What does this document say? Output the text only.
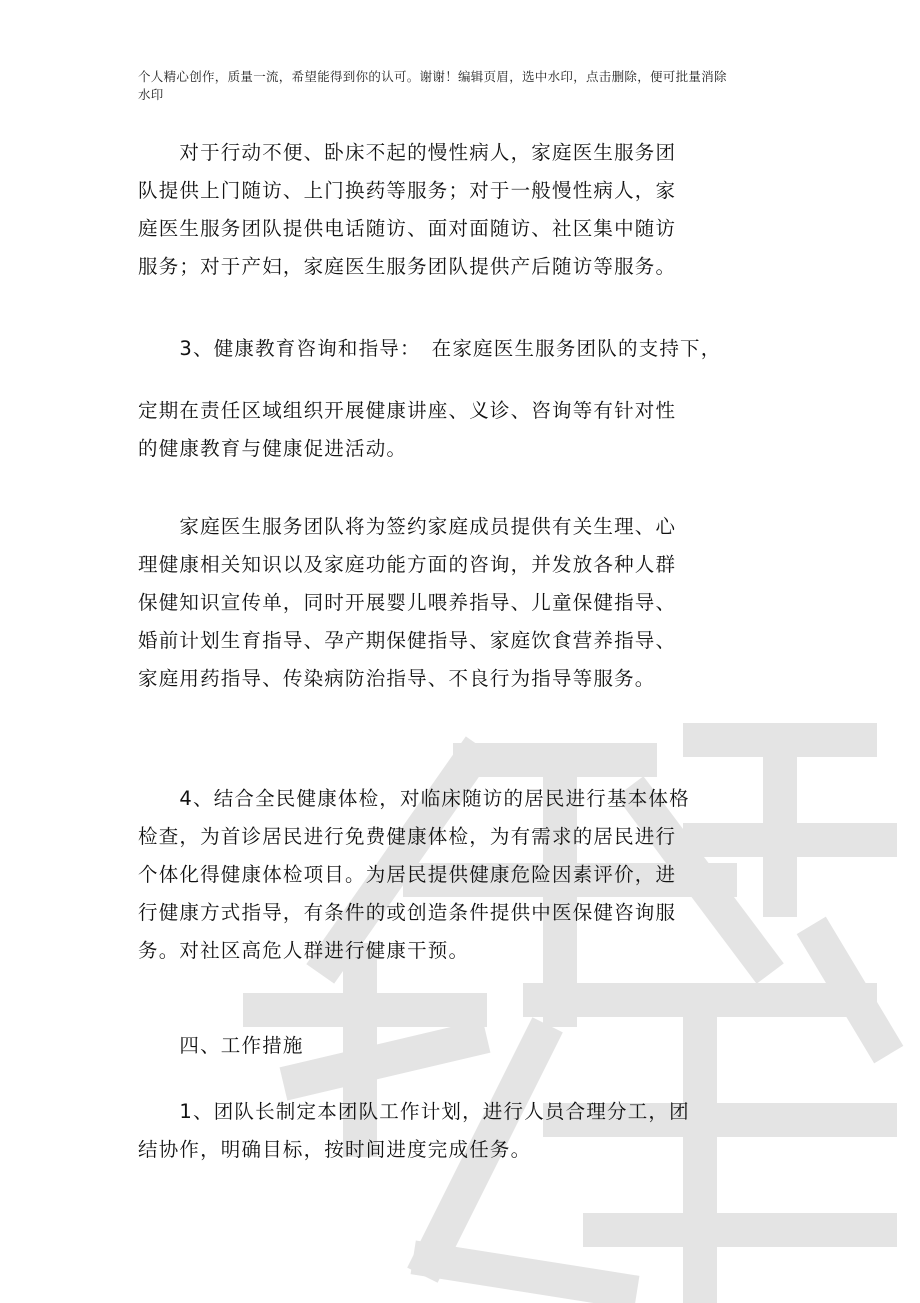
个人精心创作，质量一流，希望能得到你的认可。谢谢！编辑页眉，选中水印，点击删除，便可批量消除
水印
　　对于行动不便、卧床不起的慢性病人，家庭医生服务团
队提供上门随访、上门换药等服务；对于一般慢性病人，家
庭医生服务团队提供电话随访、面对面随访、社区集中随访
服务；对于产妇，家庭医生服务团队提供产后随访等服务。
　　3、健康教育咨询和指导：　在家庭医生服务团队的支持下，
定期在责任区域组织开展健康讲座、义诊、咨询等有针对性
的健康教育与健康促进活动。
　　家庭医生服务团队将为签约家庭成员提供有关生理、心
理健康相关知识以及家庭功能方面的咨询，并发放各种人群
保健知识宣传单，同时开展婴儿喂养指导、儿童保健指导、
婚前计划生育指导、孕产期保健指导、家庭饮食营养指导、
家庭用药指导、传染病防治指导、不良行为指导等服务。
　　4、结合全民健康体检，对临床随访的居民进行基本体格
检查，为首诊居民进行免费健康体检，为有需求的居民进行
个体化得健康体检项目。为居民提供健康危险因素评价，进
行健康方式指导，有条件的或创造条件提供中医保健咨询服
务。对社区高危人群进行健康干预。
　　四、工作措施
　　1、团队长制定本团队工作计划，进行人员合理分工，团
结协作，明确目标，按时间进度完成任务。
